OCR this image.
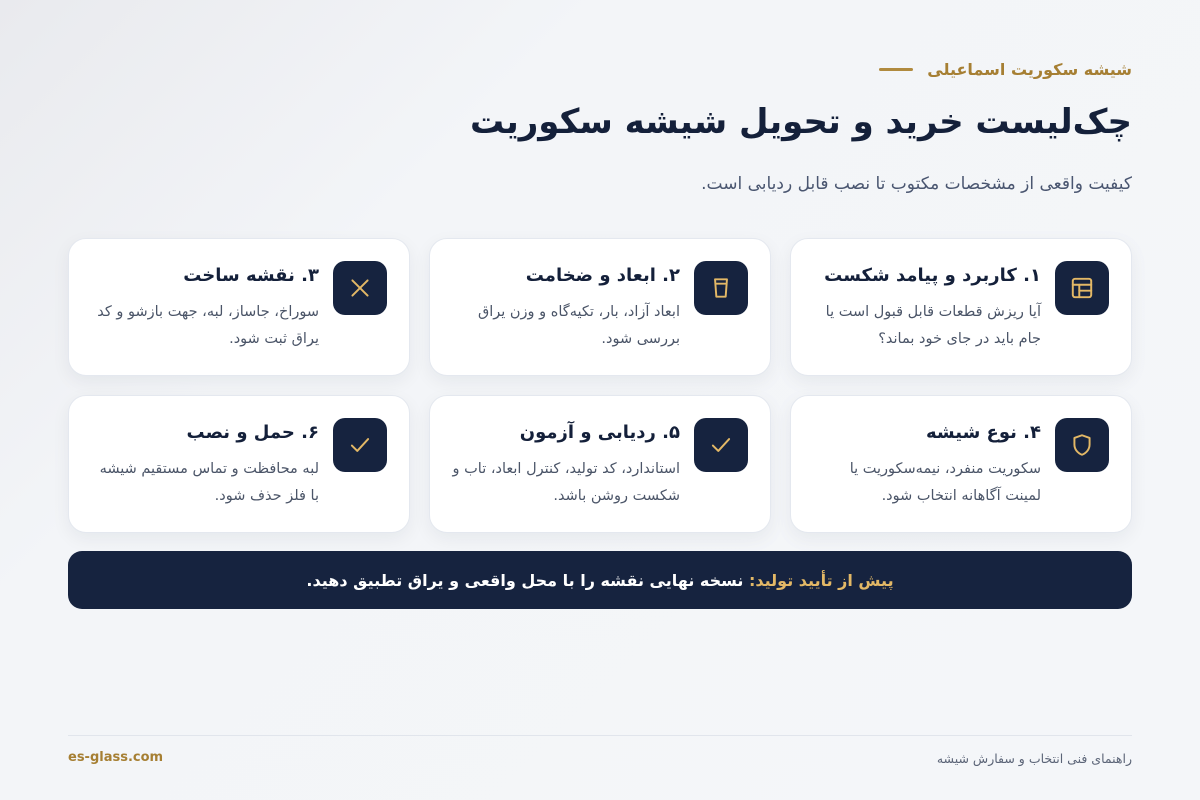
شیشه سکوریت اسماعیلی
چک‌لیست خرید و تحویل شیشه سکوریت

کیفیت واقعی از مشخصات مکتوب تا نصب قابل ردیابی است.

۱. کاربرد و پیامد شکست
آیا ریزش قطعات قابل قبول است یا جام باید در جای خود بماند؟
۲. ابعاد و ضخامت
ابعاد آزاد، بار، تکیه‌گاه و وزن یراق بررسی شود.
۳. نقشه ساخت
سوراخ، جاساز، لبه، جهت بازشو و کد یراق ثبت شود.
۴. نوع شیشه
سکوریت منفرد، نیمه‌سکوریت یا لمینت آگاهانه انتخاب شود.
۵. ردیابی و آزمون
استاندارد، کد تولید، کنترل ابعاد، تاب و شکست روشن باشد.
۶. حمل و نصب
لبه محافظت و تماس مستقیم شیشه با فلز حذف شود.
پیش از تأیید تولید:

نسخه نهایی نقشه را با محل واقعی و یراق تطبیق دهید.
راهنمای فنی انتخاب و سفارش شیشه
es-glass.com
